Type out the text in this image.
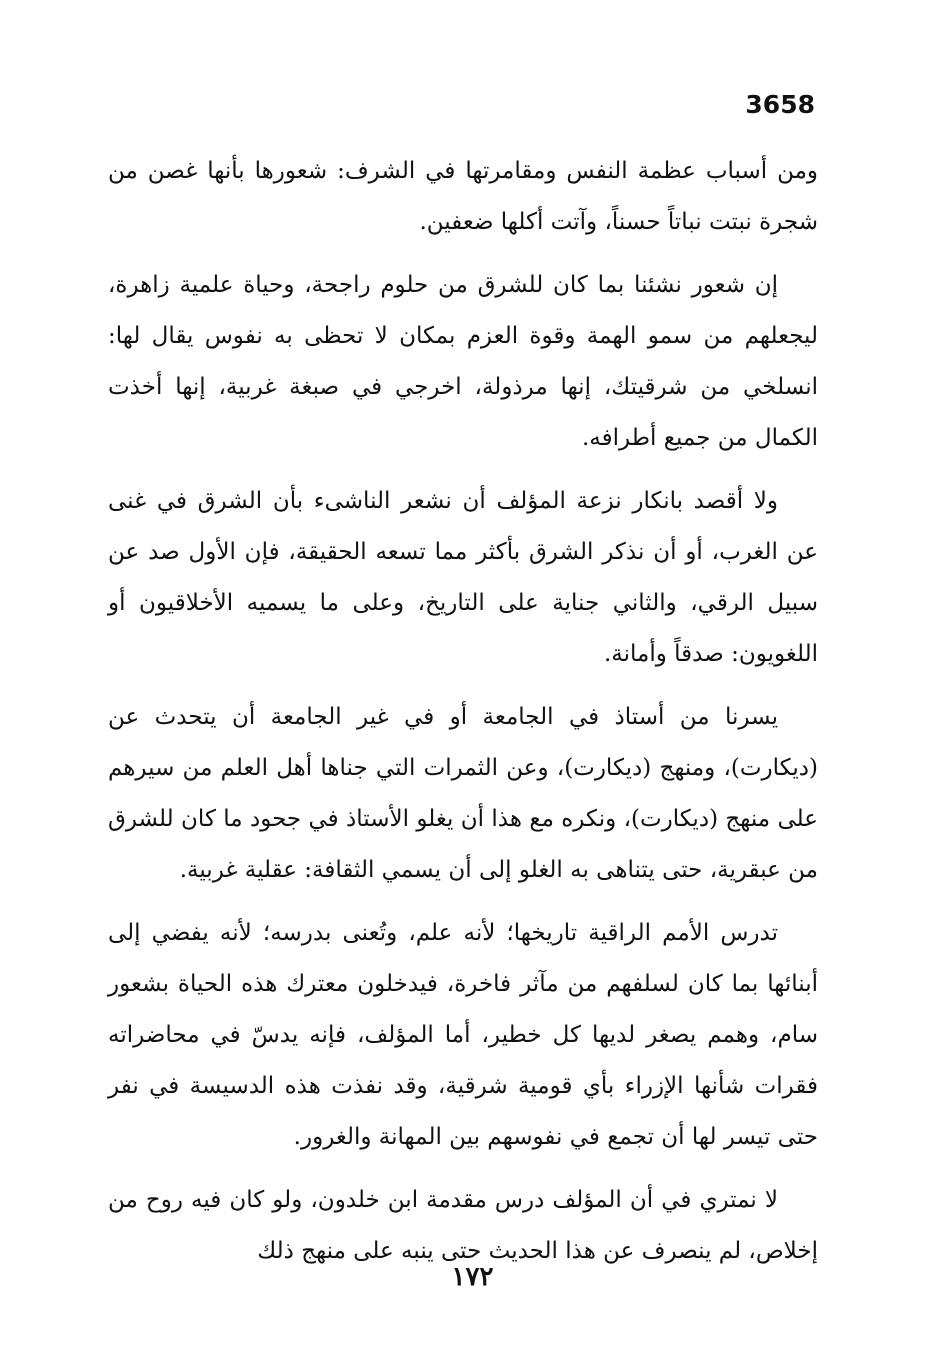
3658

ومن أسباب عظمة النفس ومقامرتها في الشرف: شعورها بأنها غصن من شجرة نبتت نباتاً حسناً، وآتت أكلها ضعفين.

إن شعور نشئنا بما كان للشرق من حلوم راجحة، وحياة علمية زاهرة، ليجعلهم من سمو الهمة وقوة العزم بمكان لا تحظى به نفوس يقال لها: انسلخي من شرقيتك، إنها مرذولة، اخرجي في صبغة غربية، إنها أخذت الكمال من جميع أطرافه.

ولا أقصد بانكار نزعة المؤلف أن نشعر الناشىء بأن الشرق في غنى عن الغرب، أو أن نذكر الشرق بأكثر مما تسعه الحقيقة، فإن الأول صد عن سبيل الرقي، والثاني جناية على التاريخ، وعلى ما يسميه الأخلاقيون أو اللغويون: صدقاً وأمانة.

يسرنا من أستاذ في الجامعة أو في غير الجامعة أن يتحدث عن (ديكارت)، ومنهج (ديكارت)، وعن الثمرات التي جناها أهل العلم من سيرهم على منهج (ديكارت)، ونكره مع هذا أن يغلو الأستاذ في جحود ما كان للشرق من عبقرية، حتى يتناهى به الغلو إلى أن يسمي الثقافة: عقلية غربية.

تدرس الأمم الراقية تاريخها؛ لأنه علم، وتُعنى بدرسه؛ لأنه يفضي إلى أبنائها بما كان لسلفهم من مآثر فاخرة، فيدخلون معترك هذه الحياة بشعور سام، وهمم يصغر لديها كل خطير، أما المؤلف، فإنه يدسّ في محاضراته فقرات شأنها الإزراء بأي قومية شرقية، وقد نفذت هذه الدسيسة في نفر حتى تيسر لها أن تجمع في نفوسهم بين المهانة والغرور.

لا نمتري في أن المؤلف درس مقدمة ابن خلدون، ولو كان فيه روح من إخلاص، لم ينصرف عن هذا الحديث حتى ينبه على منهج ذلك

١٧٢
